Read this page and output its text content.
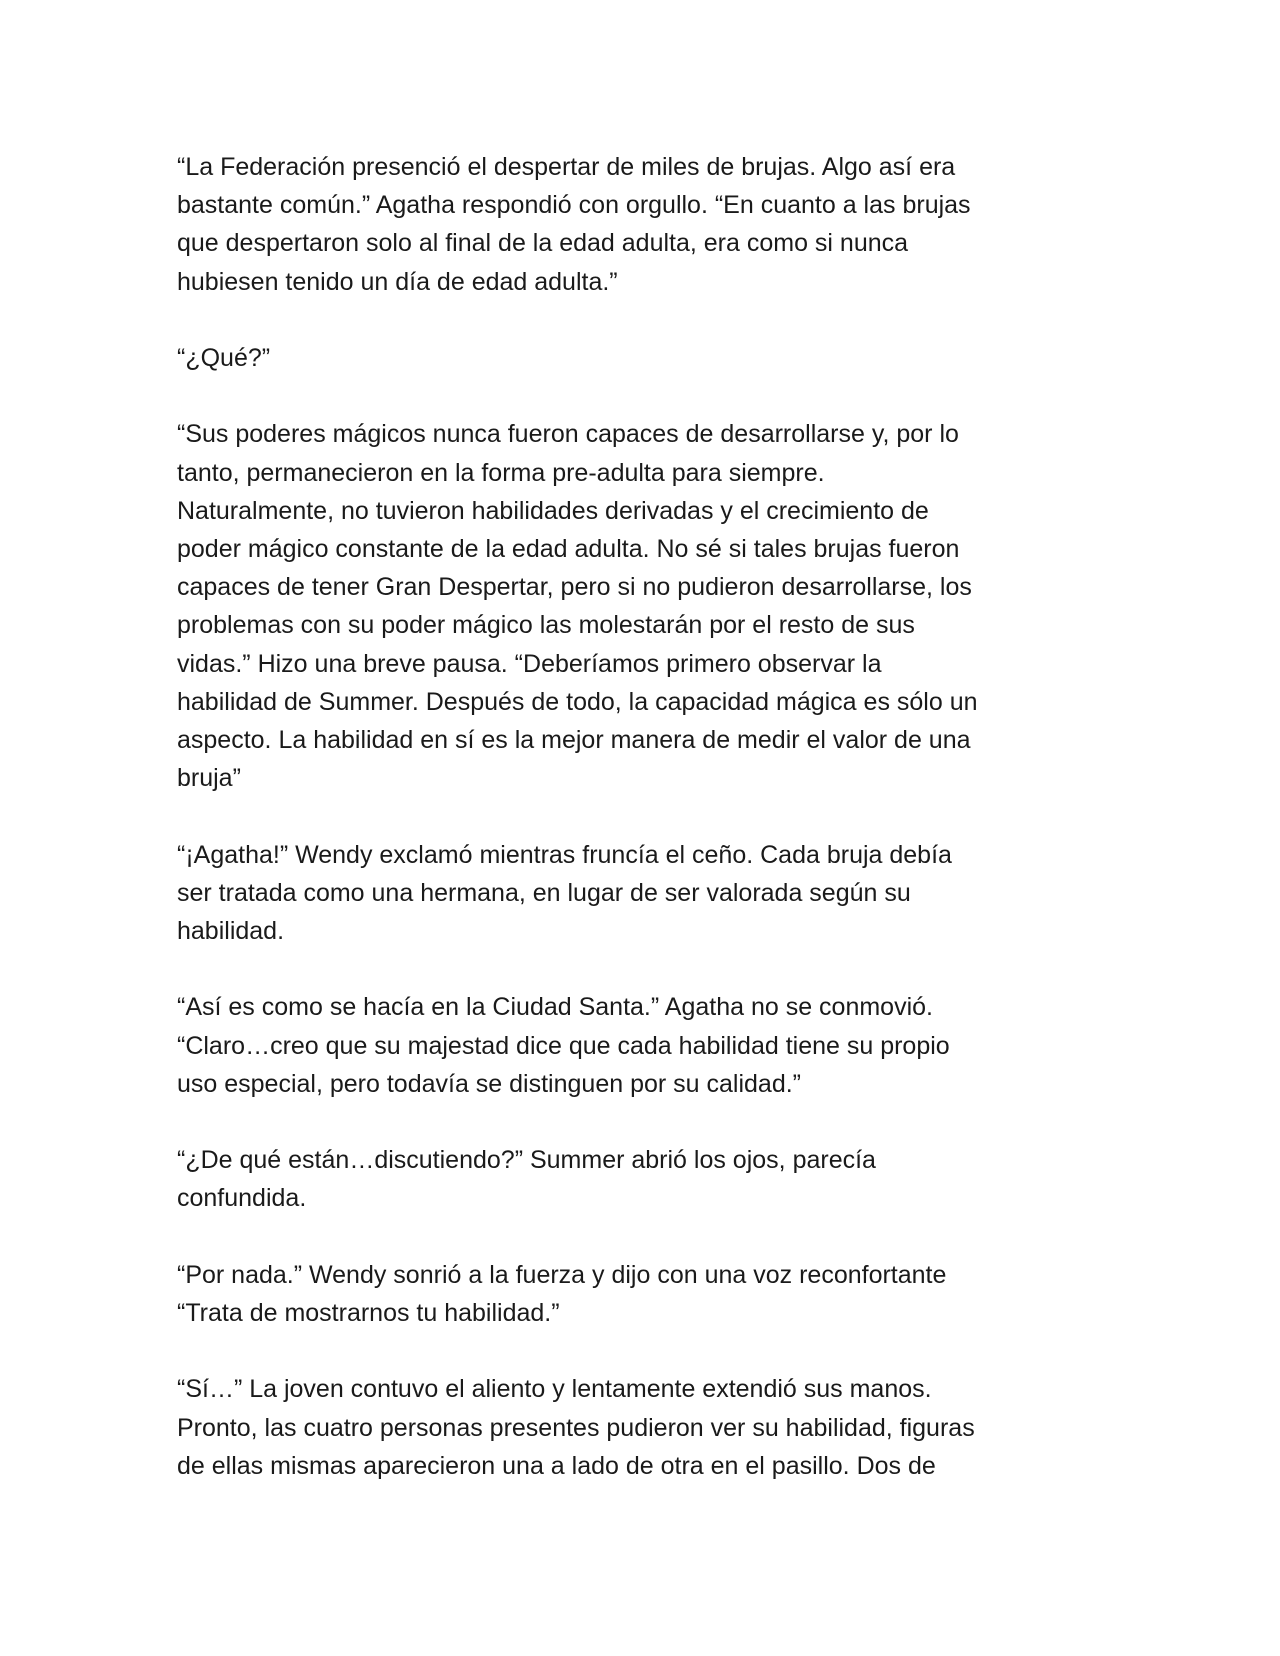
“La Federación presenció el despertar de miles de brujas. Algo así era
bastante común.” Agatha respondió con orgullo. “En cuanto a las brujas
que despertaron solo al final de la edad adulta, era como si nunca
hubiesen tenido un día de edad adulta.”

“¿Qué?”

“Sus poderes mágicos nunca fueron capaces de desarrollarse y, por lo
tanto, permanecieron en la forma pre-adulta para siempre.
Naturalmente, no tuvieron habilidades derivadas y el crecimiento de
poder mágico constante de la edad adulta. No sé si tales brujas fueron
capaces de tener Gran Despertar, pero si no pudieron desarrollarse, los
problemas con su poder mágico las molestarán por el resto de sus
vidas.” Hizo una breve pausa. “Deberíamos primero observar la
habilidad de Summer. Después de todo, la capacidad mágica es sólo un
aspecto. La habilidad en sí es la mejor manera de medir el valor de una
bruja”

“¡Agatha!” Wendy exclamó mientras fruncía el ceño. Cada bruja debía
ser tratada como una hermana, en lugar de ser valorada según su
habilidad.

“Así es como se hacía en la Ciudad Santa.” Agatha no se conmovió.
“Claro…creo que su majestad dice que cada habilidad tiene su propio
uso especial, pero todavía se distinguen por su calidad.”

“¿De qué están…discutiendo?” Summer abrió los ojos, parecía
confundida.

“Por nada.” Wendy sonrió a la fuerza y dijo con una voz reconfortante
“Trata de mostrarnos tu habilidad.”

“Sí…” La joven contuvo el aliento y lentamente extendió sus manos.
Pronto, las cuatro personas presentes pudieron ver su habilidad, figuras
de ellas mismas aparecieron una a lado de otra en el pasillo. Dos de
